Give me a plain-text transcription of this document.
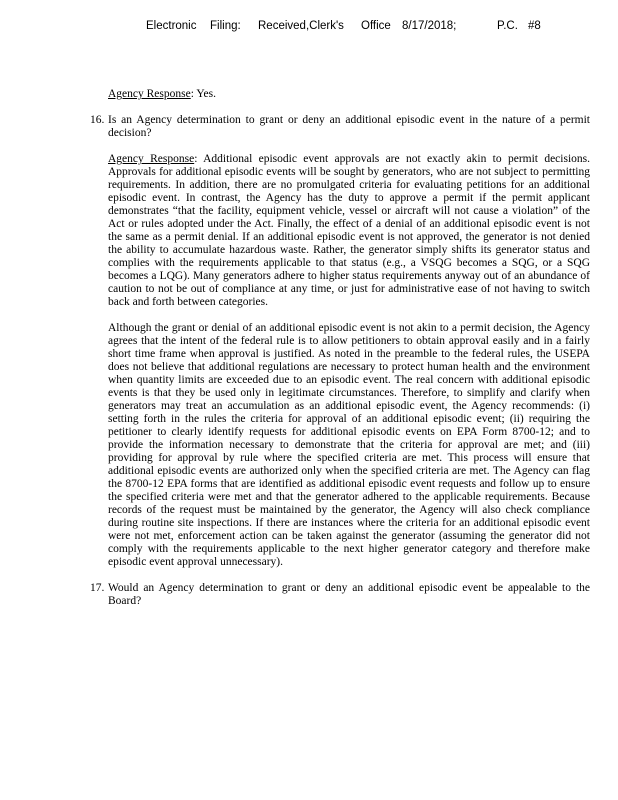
Electronic Filing: Received,Clerk's Office 8/17/2018;	P.C. #8

Agency Response: Yes.

16. Is an Agency determination to grant or deny an additional episodic event in the nature of a permit decision?

Agency Response: Additional episodic event approvals are not exactly akin to permit decisions. Approvals for additional episodic events will be sought by generators, who are not subject to permitting requirements. In addition, there are no promulgated criteria for evaluating petitions for an additional episodic event. In contrast, the Agency has the duty to approve a permit if the permit applicant demonstrates “that the facility, equipment vehicle, vessel or aircraft will not cause a violation” of the Act or rules adopted under the Act. Finally, the effect of a denial of an additional episodic event is not the same as a permit denial. If an additional episodic event is not approved, the generator is not denied the ability to accumulate hazardous waste. Rather, the generator simply shifts its generator status and complies with the requirements applicable to that status (e.g., a VSQG becomes a SQG, or a SQG becomes a LQG). Many generators adhere to higher status requirements anyway out of an abundance of caution to not be out of compliance at any time, or just for administrative ease of not having to switch back and forth between categories.

Although the grant or denial of an additional episodic event is not akin to a permit decision, the Agency agrees that the intent of the federal rule is to allow petitioners to obtain approval easily and in a fairly short time frame when approval is justified. As noted in the preamble to the federal rules, the USEPA does not believe that additional regulations are necessary to protect human health and the environment when quantity limits are exceeded due to an episodic event. The real concern with additional episodic events is that they be used only in legitimate circumstances. Therefore, to simplify and clarify when generators may treat an accumulation as an additional episodic event, the Agency recommends: (i) setting forth in the rules the criteria for approval of an additional episodic event; (ii) requiring the petitioner to clearly identify requests for additional episodic events on EPA Form 8700-12; and to provide the information necessary to demonstrate that the criteria for approval are met; and (iii) providing for approval by rule where the specified criteria are met. This process will ensure that additional episodic events are authorized only when the specified criteria are met. The Agency can flag the 8700-12 EPA forms that are identified as additional episodic event requests and follow up to ensure the specified criteria were met and that the generator adhered to the applicable requirements. Because records of the request must be maintained by the generator, the Agency will also check compliance during routine site inspections. If there are instances where the criteria for an additional episodic event were not met, enforcement action can be taken against the generator (assuming the generator did not comply with the requirements applicable to the next higher generator category and therefore make episodic event approval unnecessary).

17. Would an Agency determination to grant or deny an additional episodic event be appealable to the Board?
